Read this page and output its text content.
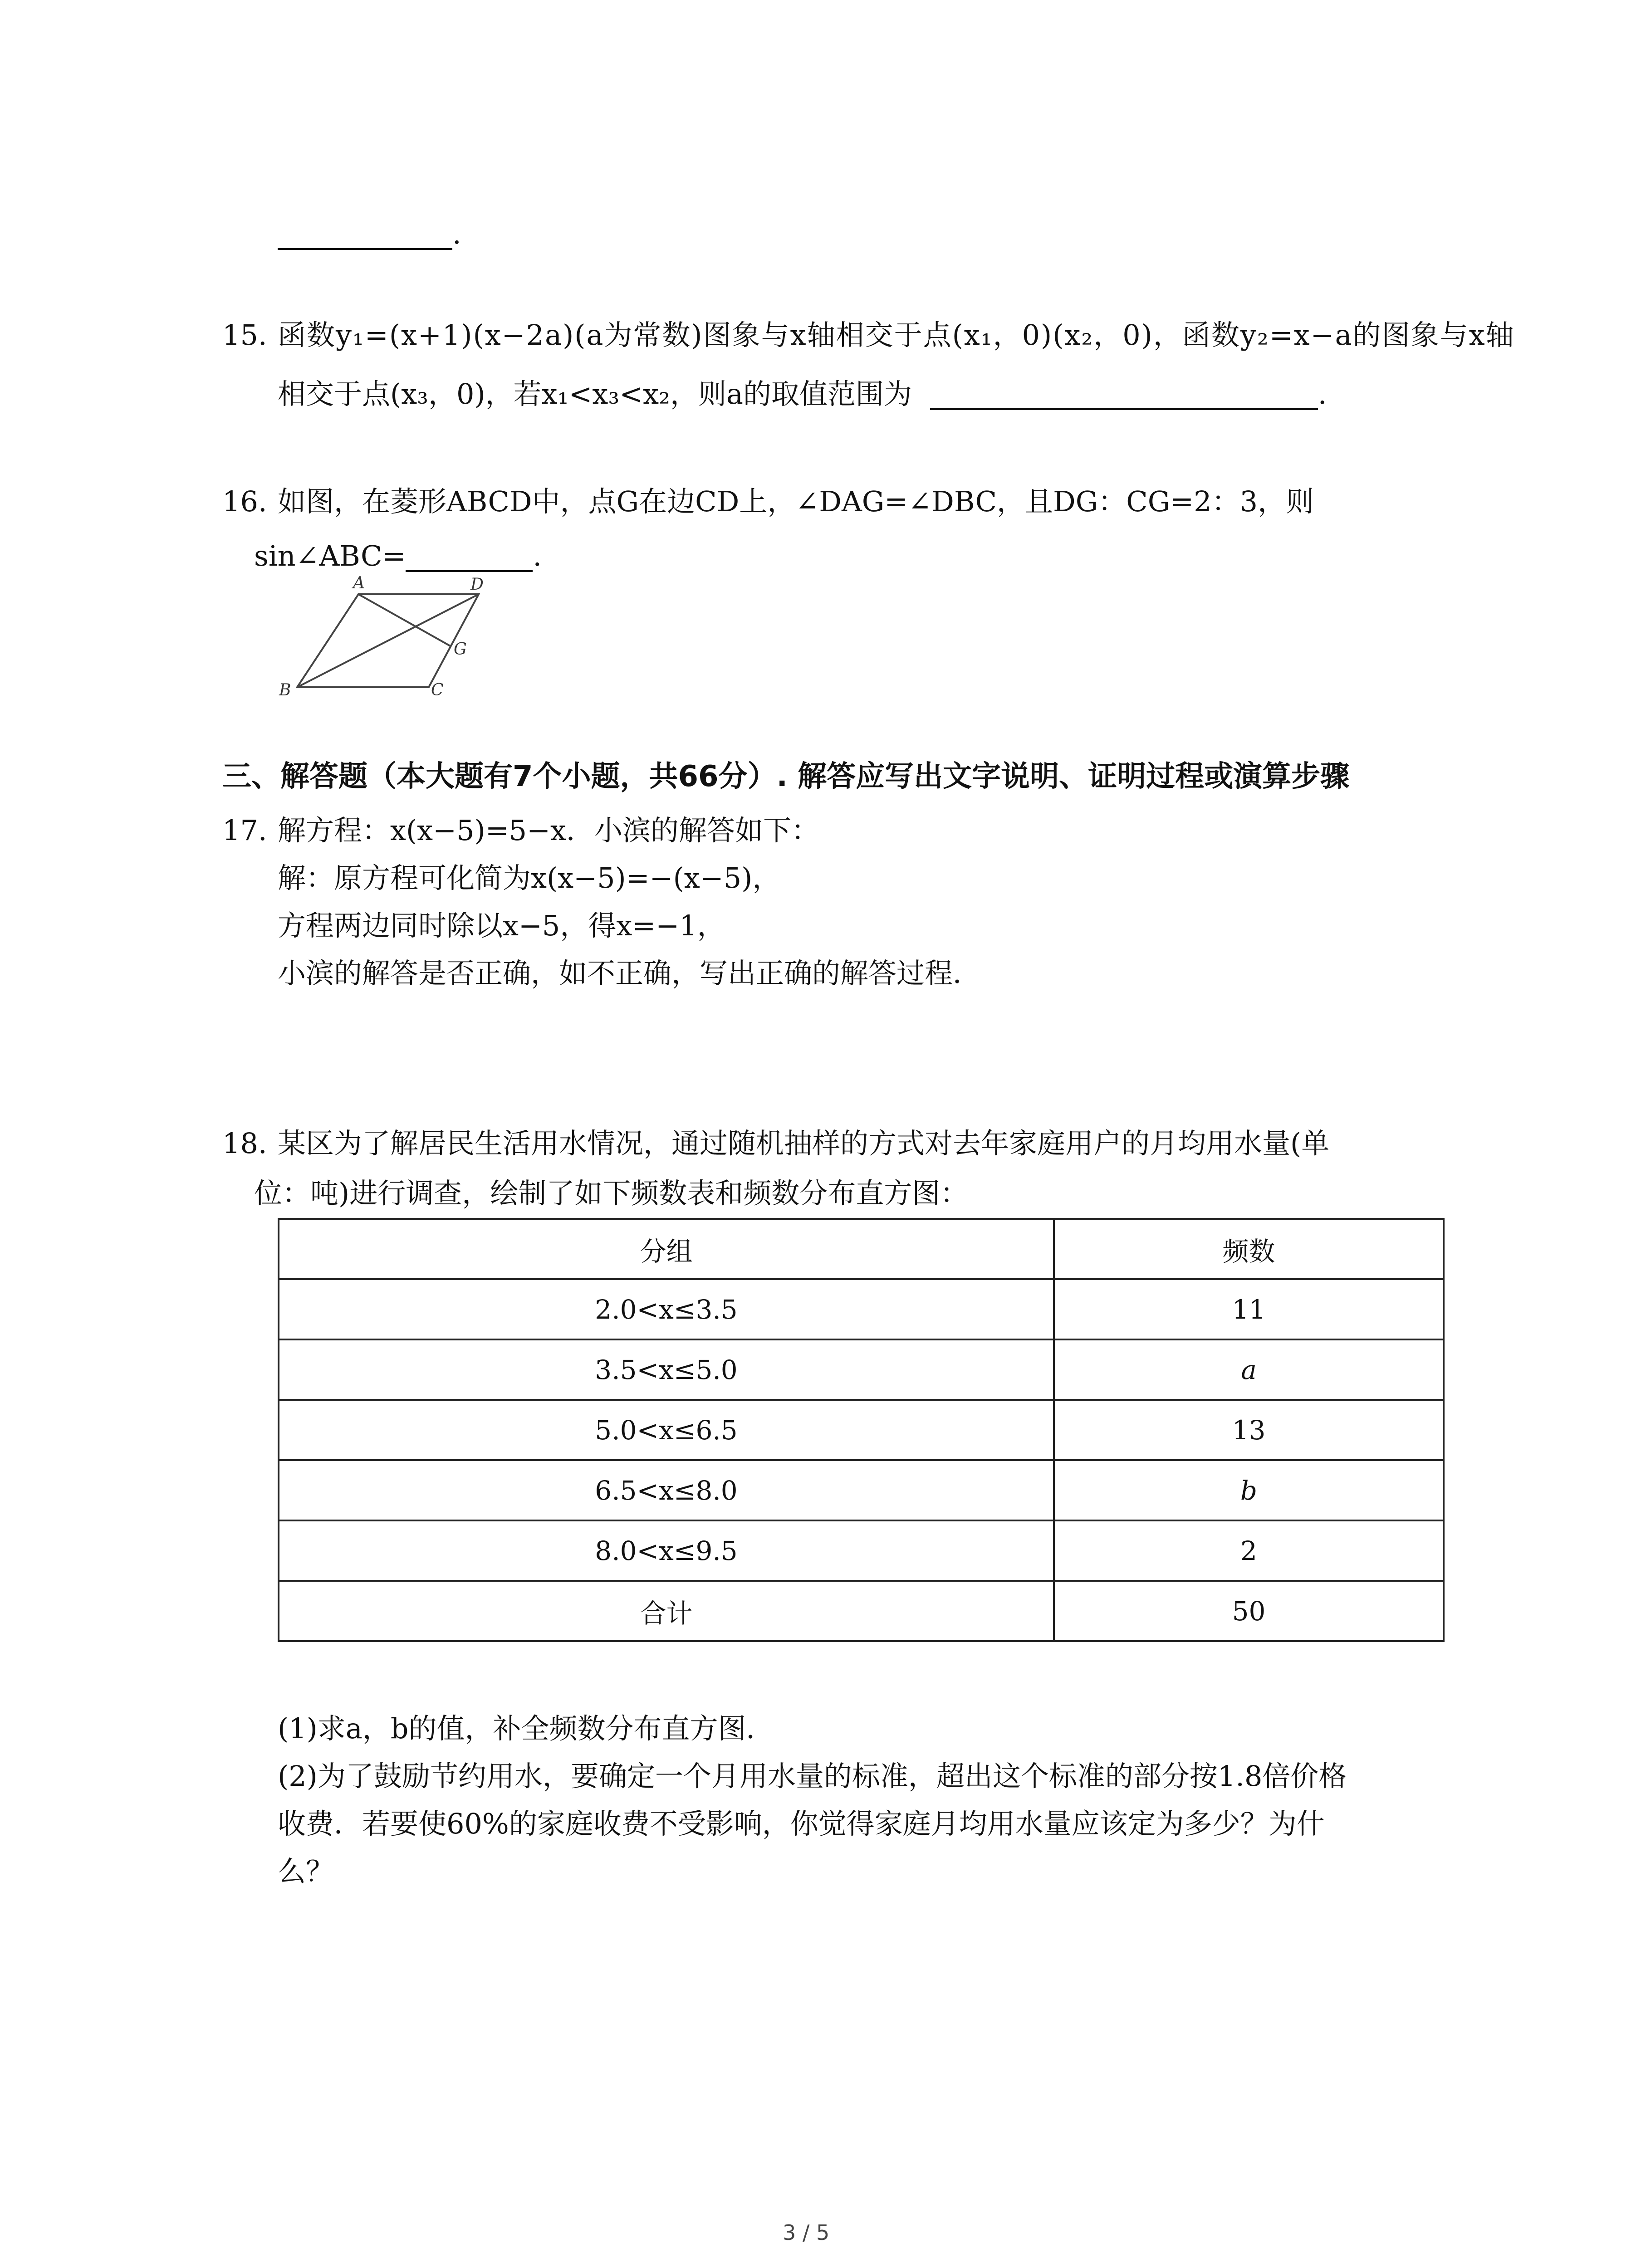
.
15. 函数y₁=(x+1)(x−2a)(a为常数)图象与x轴相交于点(x₁，0)(x₂，0)，函数y₂=x−a的图象与x轴
相交于点(x₃，0)，若x₁<x₃<x₂，则a的取值范围为	.
16. 如图，在菱形ABCD中，点G在边CD上，∠DAG=∠DBC，且DG：CG=2：3，则
sin∠ABC=	.
A	D
G
B	C
三、解答题（本大题有7个小题，共66分）. 解答应写出文字说明、证明过程或演算步骤
17. 解方程：x(x−5)=5−x．小滨的解答如下：
解：原方程可化简为x(x−5)=−(x−5)，
方程两边同时除以x−5，得x=−1，
小滨的解答是否正确，如不正确，写出正确的解答过程．
18. 某区为了解居民生活用水情况，通过随机抽样的方式对去年家庭用户的月均用水量(单
位：吨)进行调查，绘制了如下频数表和频数分布直方图：
分组	频数
2.0<x≤3.5	11
3.5<x≤5.0	a
5.0<x≤6.5	13
6.5<x≤8.0	b
8.0<x≤9.5	2
合计	50
(1)求a，b的值，补全频数分布直方图．
(2)为了鼓励节约用水，要确定一个月用水量的标准，超出这个标准的部分按1.8倍价格
收费．若要使60%的家庭收费不受影响，你觉得家庭月均用水量应该定为多少？为什
么？
3 / 5
